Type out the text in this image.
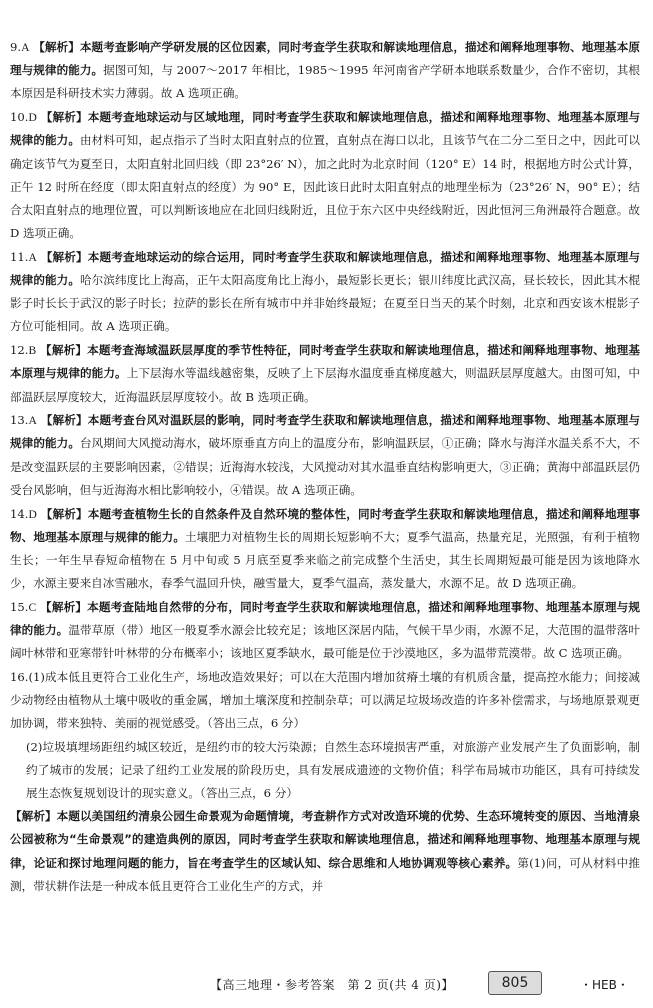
9.A 【解析】本题考查影响产学研发展的区位因素，同时考查学生获取和解读地理信息，描述和阐释地理事物、地理基本原理与规律的能力。据图可知，与 2007～2017 年相比，1985～1995 年河南省产学研本地联系数量少，合作不密切，其根本原因是科研技术实力薄弱。故 A 选项正确。

10.D 【解析】本题考查地球运动与区域地理，同时考查学生获取和解读地理信息，描述和阐释地理事物、地理基本原理与规律的能力。由材料可知，起点指示了当时太阳直射点的位置，直射点在海口以北，且该节气在二分二至日之中，因此可以确定该节气为夏至日，太阳直射北回归线（即 23°26′ N），加之此时为北京时间（120° E）14 时，根据地方时公式计算，正午 12 时所在经度（即太阳直射点的经度）为 90° E，因此该日此时太阳直射点的地理坐标为（23°26′ N，90° E）；结合太阳直射点的地理位置，可以判断该地应在北回归线附近，且位于东六区中央经线附近，因此恒河三角洲最符合题意。故 D 选项正确。

11.A 【解析】本题考查地球运动的综合运用，同时考查学生获取和解读地理信息，描述和阐释地理事物、地理基本原理与规律的能力。哈尔滨纬度比上海高，正午太阳高度角比上海小，最短影长更长；银川纬度比武汉高，昼长较长，因此其木棍影子时长长于武汉的影子时长；拉萨的影长在所有城市中并非始终最短；在夏至日当天的某个时刻，北京和西安该木棍影子方位可能相同。故 A 选项正确。

12.B 【解析】本题考查海域温跃层厚度的季节性特征，同时考查学生获取和解读地理信息，描述和阐释地理事物、地理基本原理与规律的能力。上下层海水等温线越密集，反映了上下层海水温度垂直梯度越大，则温跃层厚度越大。由图可知，中部温跃层厚度较大，近海温跃层厚度较小。故 B 选项正确。

13.A 【解析】本题考查台风对温跃层的影响，同时考查学生获取和解读地理信息，描述和阐释地理事物、地理基本原理与规律的能力。台风期间大风搅动海水，破坏原垂直方向上的温度分布，影响温跃层，①正确；降水与海洋水温关系不大，不是改变温跃层的主要影响因素，②错误；近海海水较浅，大风搅动对其水温垂直结构影响更大，③正确；黄海中部温跃层仍受台风影响，但与近海海水相比影响较小，④错误。故 A 选项正确。

14.D 【解析】本题考查植物生长的自然条件及自然环境的整体性，同时考查学生获取和解读地理信息，描述和阐释地理事物、地理基本原理与规律的能力。土壤肥力对植物生长的周期长短影响不大；夏季气温高，热量充足，光照强，有利于植物生长；一年生早春短命植物在 5 月中旬或 5 月底至夏季来临之前完成整个生活史，其生长周期短最可能是因为该地降水少，水源主要来自冰雪融水，春季气温回升快，融雪量大，夏季气温高，蒸发量大，水源不足。故 D 选项正确。

15.C 【解析】本题考查陆地自然带的分布，同时考查学生获取和解读地理信息，描述和阐释地理事物、地理基本原理与规律的能力。温带草原（带）地区一般夏季水源会比较充足；该地区深居内陆，气候干旱少雨，水源不足，大范围的温带落叶阔叶林带和亚寒带针叶林带的分布概率小；该地区夏季缺水，最可能是位于沙漠地区，多为温带荒漠带。故 C 选项正确。

16.(1)成本低且更符合工业化生产，场地改造效果好；可以在大范围内增加贫瘠土壤的有机质含量，提高控水能力；间接减少动物经由植物从土壤中吸收的重金属，增加土壤深度和控制杂草；可以满足垃圾场改造的许多补偿需求，与场地原景观更加协调，带来独特、美丽的视觉感受。（答出三点，6 分）

(2)垃圾填埋场距纽约城区较近，是纽约市的较大污染源；自然生态环境损害严重，对旅游产业发展产生了负面影响，制约了城市的发展；记录了纽约工业发展的阶段历史，具有发展成遗迹的文物价值；科学布局城市功能区，具有可持续发展生态恢复规划设计的现实意义。（答出三点，6 分）

【解析】本题以美国纽约清泉公园生命景观为命题情境，考查耕作方式对改造环境的优势、生态环境转变的原因、当地清泉公园被称为“生命景观”的建造典例的原因，同时考查学生获取和解读地理信息，描述和阐释地理事物、地理基本原理与规律，论证和探讨地理问题的能力，旨在考查学生的区域认知、综合思维和人地协调观等核心素养。第(1)问，可从材料中推测，带状耕作法是一种成本低且更符合工业化生产的方式，并

【高三地理・参考答案　第 2 页(共 4 页)】	805	・HEB・
